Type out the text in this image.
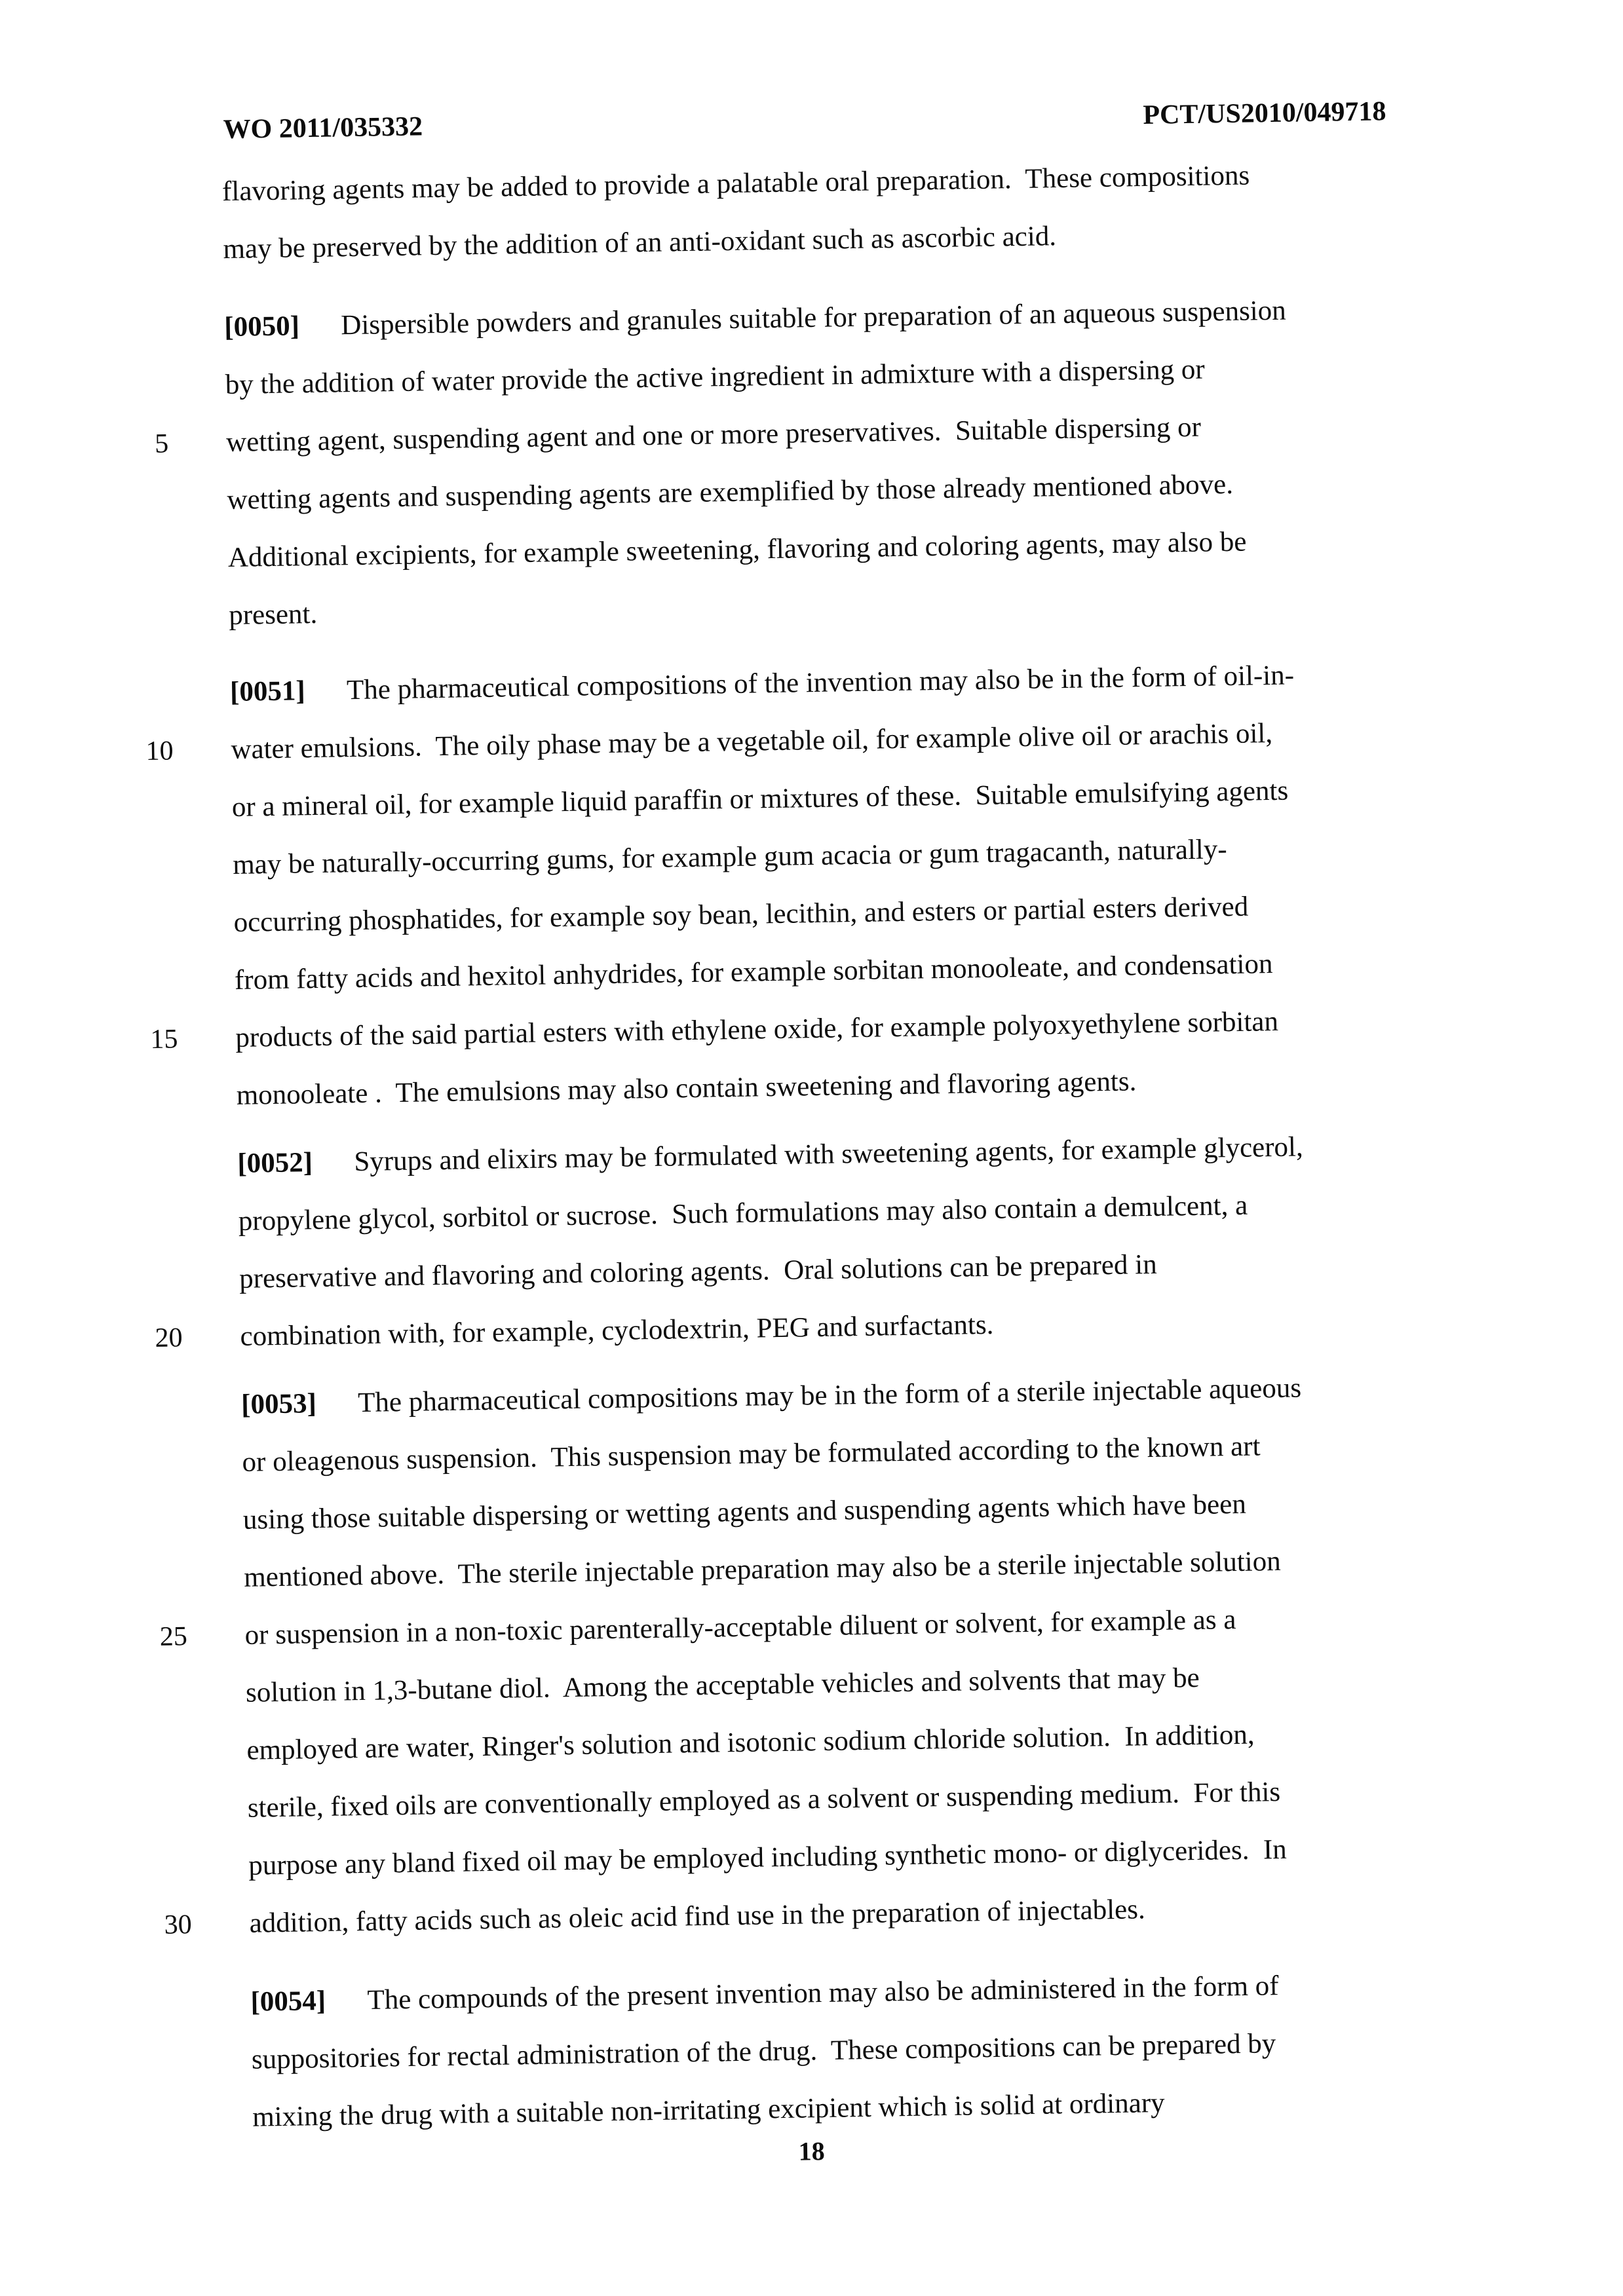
WO 2011/035332	PCT/US2010/049718
flavoring agents may be added to provide a palatable oral preparation.  These compositions
may be preserved by the addition of an anti-oxidant such as ascorbic acid.
[0050] Dispersible powders and granules suitable for preparation of an aqueous suspension
by the addition of water provide the active ingredient in admixture with a dispersing or
5 wetting agent, suspending agent and one or more preservatives.  Suitable dispersing or
wetting agents and suspending agents are exemplified by those already mentioned above.
Additional excipients, for example sweetening, flavoring and coloring agents, may also be
present.
[0051] The pharmaceutical compositions of the invention may also be in the form of oil-in-
10 water emulsions.  The oily phase may be a vegetable oil, for example olive oil or arachis oil,
or a mineral oil, for example liquid paraffin or mixtures of these.  Suitable emulsifying agents
may be naturally-occurring gums, for example gum acacia or gum tragacanth, naturally-
occurring phosphatides, for example soy bean, lecithin, and esters or partial esters derived
from fatty acids and hexitol anhydrides, for example sorbitan monooleate, and condensation
15 products of the said partial esters with ethylene oxide, for example polyoxyethylene sorbitan
monooleate .  The emulsions may also contain sweetening and flavoring agents.
[0052] Syrups and elixirs may be formulated with sweetening agents, for example glycerol,
propylene glycol, sorbitol or sucrose.  Such formulations may also contain a demulcent, a
preservative and flavoring and coloring agents.  Oral solutions can be prepared in
20 combination with, for example, cyclodextrin, PEG and surfactants.
[0053] The pharmaceutical compositions may be in the form of a sterile injectable aqueous
or oleagenous suspension.  This suspension may be formulated according to the known art
using those suitable dispersing or wetting agents and suspending agents which have been
mentioned above.  The sterile injectable preparation may also be a sterile injectable solution
25 or suspension in a non-toxic parenterally-acceptable diluent or solvent, for example as a
solution in 1,3-butane diol.  Among the acceptable vehicles and solvents that may be
employed are water, Ringer's solution and isotonic sodium chloride solution.  In addition,
sterile, fixed oils are conventionally employed as a solvent or suspending medium.  For this
purpose any bland fixed oil may be employed including synthetic mono- or diglycerides.  In
30 addition, fatty acids such as oleic acid find use in the preparation of injectables.
[0054] The compounds of the present invention may also be administered in the form of
suppositories for rectal administration of the drug.  These compositions can be prepared by
mixing the drug with a suitable non-irritating excipient which is solid at ordinary
18
